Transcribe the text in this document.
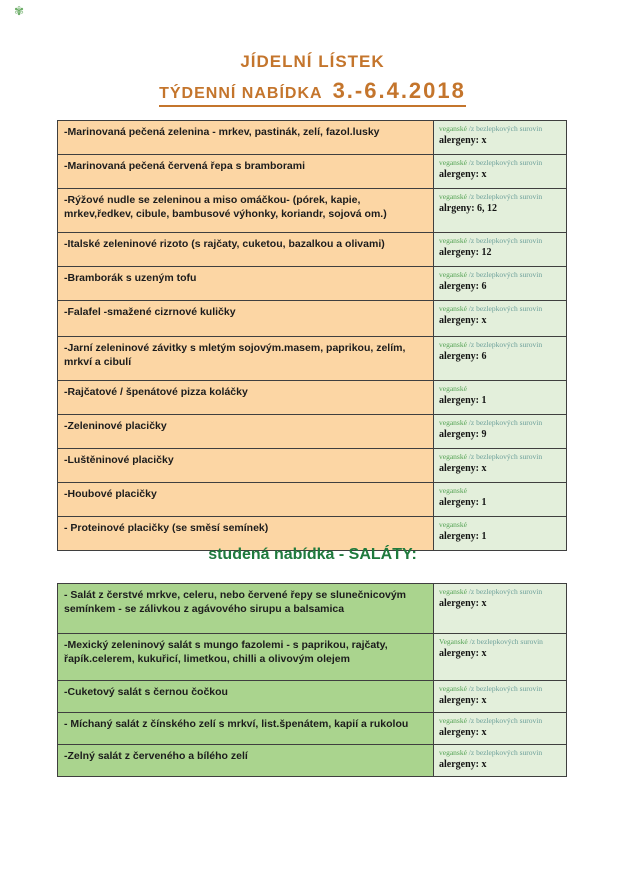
✾
JÍDELNÍ LÍSTEK
TÝDENNÍ NABÍDKA 3.-6.4.2018
-Marinovaná pečená zelenina - mrkev, pastinák, zelí, fazol.lusky	veganské /z bezlepkových surovin
alergeny: x
-Marinovaná pečená červená řepa s bramborami	veganské /z bezlepkových surovin
alergeny: x
-Rýžové nudle se zeleninou a miso omáčkou- (pórek, kapie, mrkev,ředkev, cibule, bambusové výhonky, koriandr, sojová om.)
veganské /z bezlepkových surovin
alrgeny: 6, 12
-Italské zeleninové rizoto (s rajčaty, cuketou, bazalkou a olivami)	veganské /z bezlepkových surovin
alergeny: 12
-Bramborák s uzeným tofu	veganské /z bezlepkových surovin
alergeny: 6
-Falafel -smažené cizrnové kuličky	veganské /z bezlepkových surovin
alergeny: x
-Jarní zeleninové závitky s mletým sojovým.masem, paprikou, zelím, mrkví a cibulí
veganské /z bezlepkových surovin
alergeny: 6
-Rajčatové / špenátové pizza koláčky	veganské
alergeny: 1
-Zeleninové placičky	veganské /z bezlepkových surovin
alergeny: 9
-Luštěninové placičky	veganské /z bezlepkových surovin
alergeny: x
-Houbové placičky	veganské
alergeny: 1
- Proteinové placičky (se směsí semínek)	veganské
alergeny: 1
studená nabídka - SALÁTY:
- Salát z čerstvé mrkve, celeru, nebo červené řepy se slunečnicovým semínkem - se zálivkou z agávového sirupu a balsamica
veganské /z bezlepkových surovin
alergeny: x
-Mexický zeleninový salát s mungo fazolemi - s paprikou, rajčaty, řapík.celerem, kukuřicí, limetkou, chilli a olivovým olejem
Veganské /z bezlepkových surovin
alergeny: x
-Cuketový salát s černou čočkou	veganské /z bezlepkových surovin
alergeny: x
- Míchaný salát z čínského zelí s mrkví, list.špenátem, kapií a rukolou	veganské /z bezlepkových surovin
alergeny: x
-Zelný salát z červeného a bílého zelí	veganské /z bezlepkových surovin
alergeny: x
